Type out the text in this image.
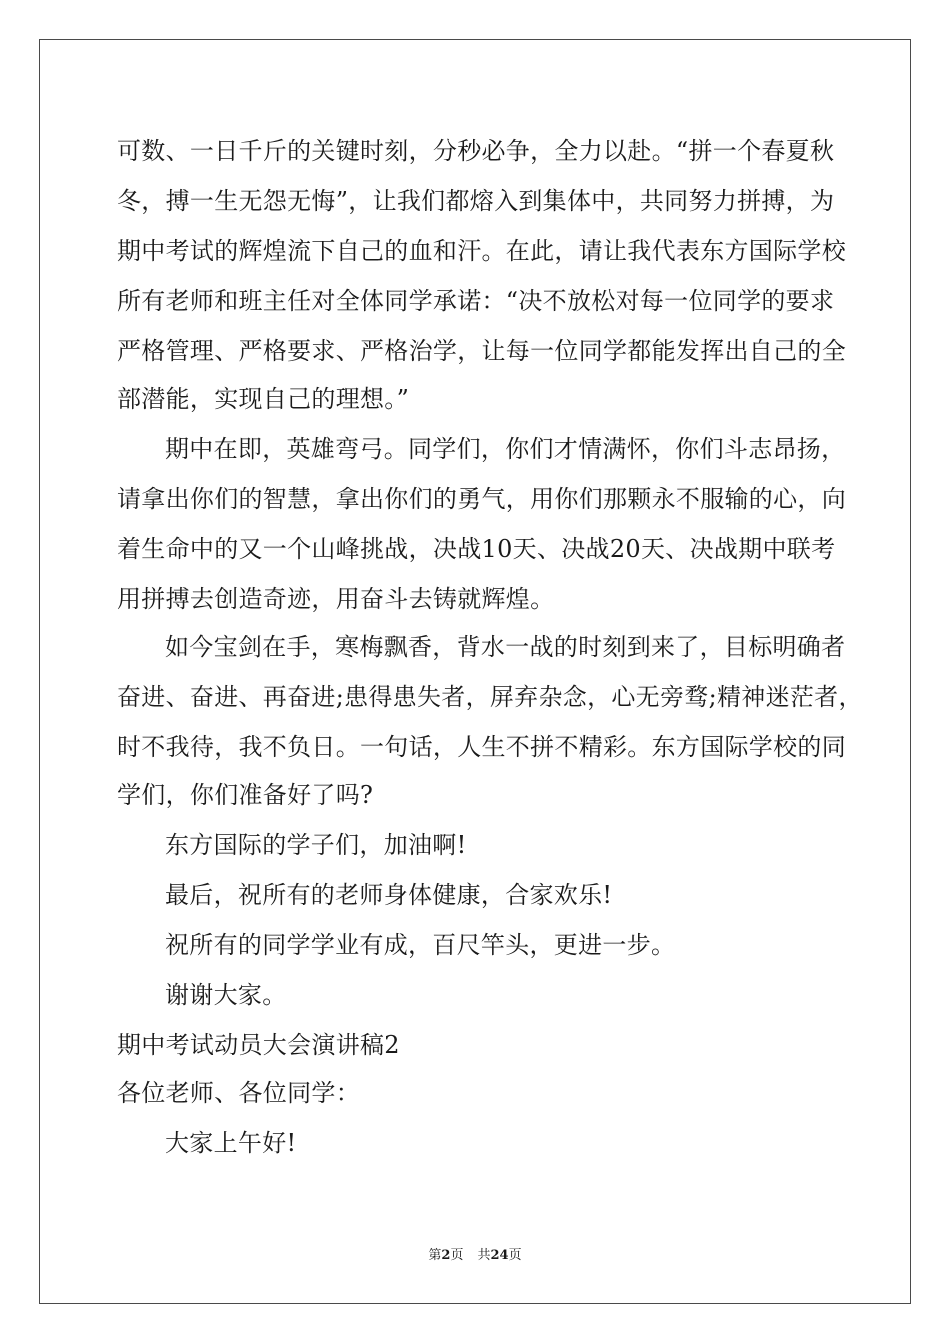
可数、一日千斤的关键时刻，分秒必争，全力以赴。“拼一个春夏秋
冬，搏一生无怨无悔”，让我们都熔入到集体中，共同努力拼搏，为
期中考试的辉煌流下自己的血和汗。在此，请让我代表东方国际学校
所有老师和班主任对全体同学承诺：“决不放松对每一位同学的要求
严格管理、严格要求、严格治学，让每一位同学都能发挥出自己的全
部潜能，实现自己的理想。”
期中在即，英雄弯弓。同学们，你们才情满怀，你们斗志昂扬，
请拿出你们的智慧，拿出你们的勇气，用你们那颗永不服输的心，向
着生命中的又一个山峰挑战，决战10天、决战20天、决战期中联考
用拼搏去创造奇迹，用奋斗去铸就辉煌。
如今宝剑在手，寒梅飘香，背水一战的时刻到来了，目标明确者
奋进、奋进、再奋进;患得患失者，屏弃杂念，心无旁骛;精神迷茫者，
时不我待，我不负日。一句话，人生不拼不精彩。东方国际学校的同
学们，你们准备好了吗?
东方国际的学子们，加油啊!
最后，祝所有的老师身体健康，合家欢乐!
祝所有的同学学业有成，百尺竿头，更进一步。
谢谢大家。
期中考试动员大会演讲稿2
各位老师、各位同学：
大家上午好!
第2页 共24页
